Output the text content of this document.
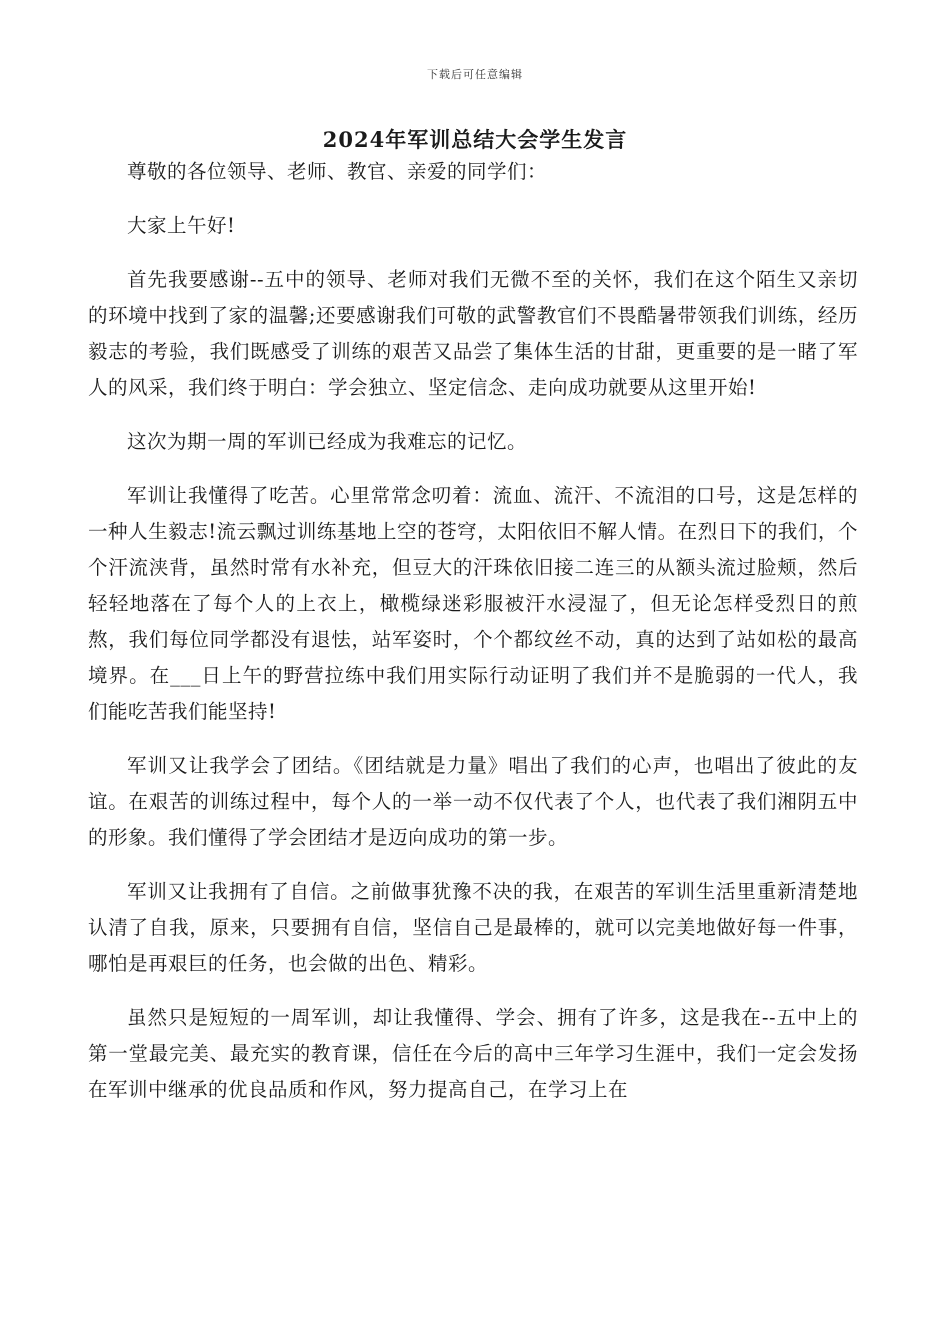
下载后可任意编辑
2024年军训总结大会学生发言

尊敬的各位领导、老师、教官、亲爱的同学们：

大家上午好!

首先我要感谢--五中的领导、老师对我们无微不至的关怀，我们在这个陌生又亲切的环境中找到了家的温馨;还要感谢我们可敬的武警教官们不畏酷暑带领我们训练，经历毅志的考验，我们既感受了训练的艰苦又品尝了集体生活的甘甜，更重要的是一睹了军人的风采，我们终于明白：学会独立、坚定信念、走向成功就要从这里开始!

这次为期一周的军训已经成为我难忘的记忆。

军训让我懂得了吃苦。心里常常念叨着：流血、流汗、不流泪的口号，这是怎样的一种人生毅志!流云飘过训练基地上空的苍穹，太阳依旧不解人情。在烈日下的我们，个个汗流浃背，虽然时常有水补充，但豆大的汗珠依旧接二连三的从额头流过脸颊，然后轻轻地落在了每个人的上衣上，橄榄绿迷彩服被汗水浸湿了，但无论怎样受烈日的煎熬，我们每位同学都没有退怯，站军姿时，个个都纹丝不动，真的达到了站如松的最高境界。在___日上午的野营拉练中我们用实际行动证明了我们并不是脆弱的一代人，我们能吃苦我们能坚持!

军训又让我学会了团结。《团结就是力量》唱出了我们的心声，也唱出了彼此的友谊。在艰苦的训练过程中，每个人的一举一动不仅代表了个人，也代表了我们湘阴五中的形象。我们懂得了学会团结才是迈向成功的第一步。

军训又让我拥有了自信。之前做事犹豫不决的我，在艰苦的军训生活里重新清楚地认清了自我，原来，只要拥有自信，坚信自己是最棒的，就可以完美地做好每一件事，哪怕是再艰巨的任务，也会做的出色、精彩。

虽然只是短短的一周军训，却让我懂得、学会、拥有了许多，这是我在--五中上的第一堂最完美、最充实的教育课，信任在今后的高中三年学习生涯中，我们一定会发扬在军训中继承的优良品质和作风，努力提高自己，在学习上在
